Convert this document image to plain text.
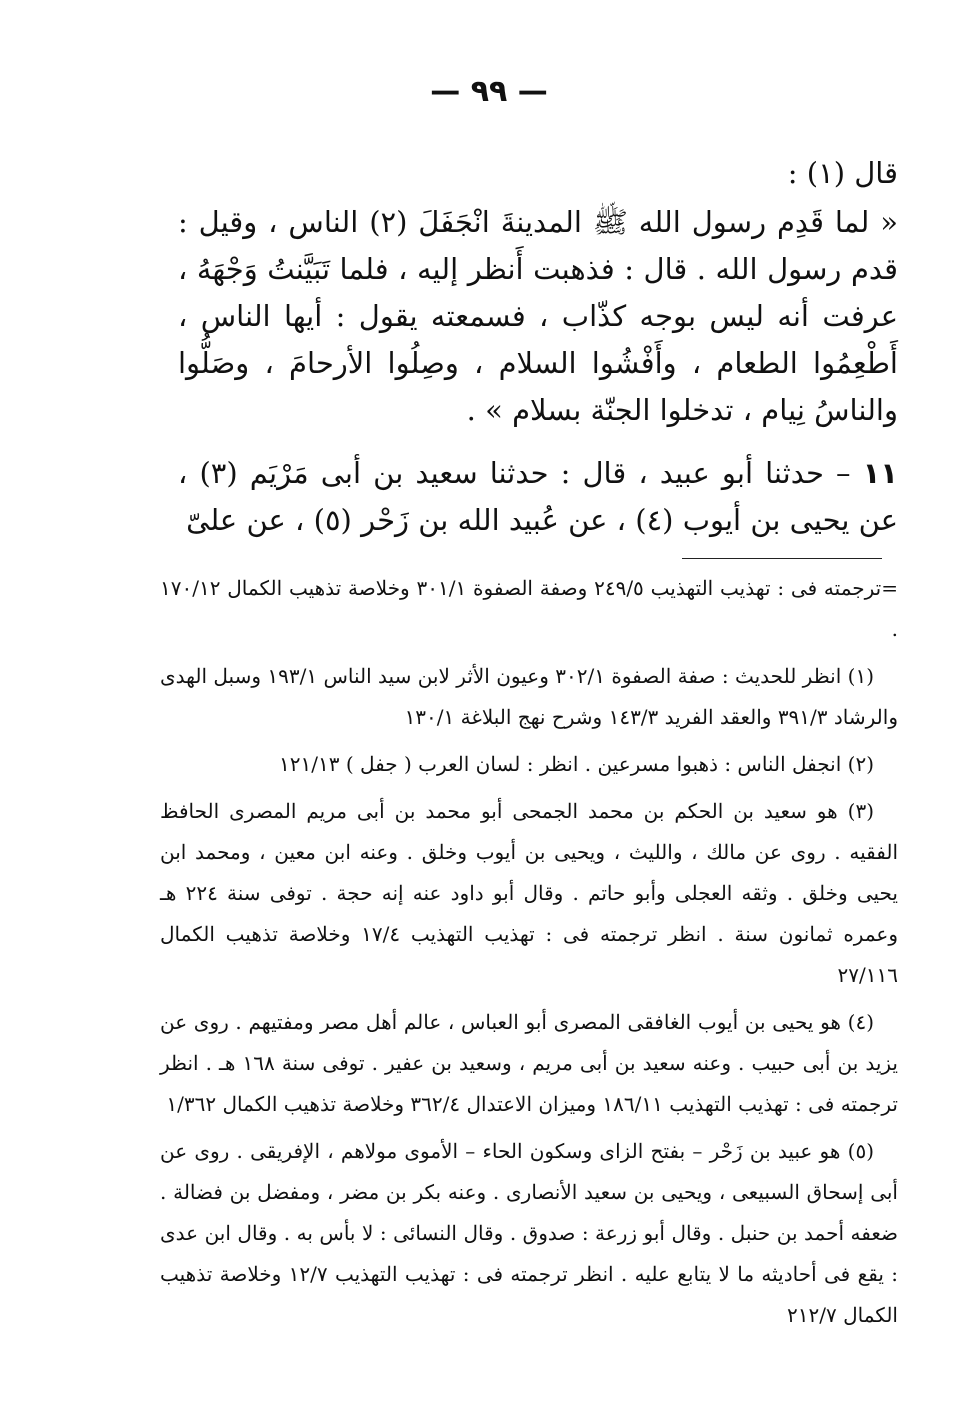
— ٩٩ —

قال (١) :

« لما قَدِم رسول الله ﷺ المدينةَ انْجَفَلَ (٢) الناس ، وقيل : قدم رسول الله . قال : فذهبت أَنظر إليه ، فلما تَبَيَّنتُ وَجْهَهُ ، عرفت أنه ليس بوجه كذّاب ، فسمعته يقول : أيها الناس ، أَطْعِمُوا الطعام ، وأَفْشُوا السلام ، وصِلُوا الأرحامَ ، وصَلُّوا والناسُ نِيام ، تدخلوا الجنّة بسلام » .

١١ – حدثنا أبو عبيد ، قال : حدثنا سعيد بن أبى مَرْيَم (٣) ، عن يحيى بن أيوب (٤) ، عن عُبيد الله بن زَحْر (٥) ، عن علىّ

=ترجمته فى : تهذيب التهذيب ٢٤٩/٥ وصفة الصفوة ٣٠١/١ وخلاصة تذهيب الكمال ١٧٠/١٢ .

(١) انظر للحديث : صفة الصفوة ٣٠٢/١ وعيون الأثر لابن سيد الناس ١٩٣/١ وسبل الهدى والرشاد ٣٩١/٣ والعقد الفريد ١٤٣/٣ وشرح نهج البلاغة ١٣٠/١

(٢) انجفل الناس : ذهبوا مسرعين . انظر : لسان العرب ( جفل ) ١٢١/١٣

(٣) هو سعيد بن الحكم بن محمد الجمحى أبو محمد بن أبى مريم المصرى الحافظ الفقيه . روى عن مالك ، والليث ، ويحيى بن أيوب وخلق . وعنه ابن معين ، ومحمد ابن يحيى وخلق . وثقه العجلى وأبو حاتم . وقال أبو داود عنه إنه حجة . توفى سنة ٢٢٤ هـ وعمره ثمانون سنة . انظر ترجمته فى : تهذيب التهذيب ١٧/٤ وخلاصة تذهيب الكمال ٢٧/١١٦

(٤) هو يحيى بن أيوب الغافقى المصرى أبو العباس ، عالم أهل مصر ومفتيهم . روى عن يزيد بن أبى حبيب . وعنه سعيد بن أبى مريم ، وسعيد بن عفير . توفى سنة ١٦٨ هـ . انظر ترجمته فى : تهذيب التهذيب ١٨٦/١١ وميزان الاعتدال ٣٦٢/٤ وخلاصة تذهيب الكمال ١/٣٦٢

(٥) هو عبيد بن زَحْر – بفتح الزاى وسكون الحاء – الأموى مولاهم ، الإفريقى . روى عن أبى إسحاق السبيعى ، ويحيى بن سعيد الأنصارى . وعنه بكر بن مضر ، ومفضل بن فضالة . ضعفه أحمد بن حنبل . وقال أبو زرعة : صدوق . وقال النسائى : لا بأس به . وقال ابن عدى : يقع فى أحاديثه ما لا يتابع عليه . انظر ترجمته فى : تهذيب التهذيب ١٢/٧ وخلاصة تذهيب الكمال ٢١٢/٧
